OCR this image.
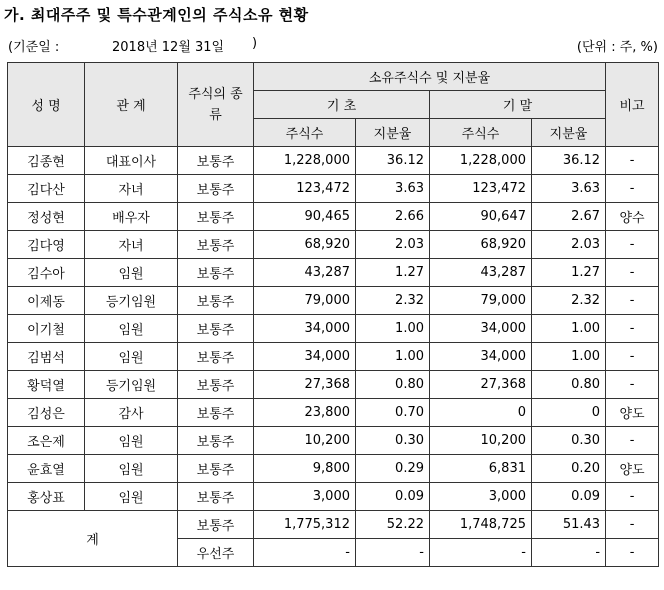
가. 최대주주 및 특수관계인의 주식소유 현황
(기준일 :	2018년 12월 31일 )	(단위 : 주, %)
성 명	관 계	주식의 종류	소유주식수 및 지분율				비고
			기 초		기 말		
			주식수	지분율	주식수	지분율	
김종현	대표이사	보통주	1,228,000	36.12	1,228,000	36.12	-
김다산	자녀	보통주	123,472	3.63	123,472	3.63	-
정성현	배우자	보통주	90,465	2.66	90,647	2.67	양수
김다영	자녀	보통주	68,920	2.03	68,920	2.03	-
김수아	임원	보통주	43,287	1.27	43,287	1.27	-
이제동	등기임원	보통주	79,000	2.32	79,000	2.32	-
이기철	임원	보통주	34,000	1.00	34,000	1.00	-
김범석	임원	보통주	34,000	1.00	34,000	1.00	-
황덕열	등기임원	보통주	27,368	0.80	27,368	0.80	-
김성은	감사	보통주	23,800	0.70	0	0	양도
조은제	임원	보통주	10,200	0.30	10,200	0.30	-
윤효열	임원	보통주	9,800	0.29	6,831	0.20	양도
홍상표	임원	보통주	3,000	0.09	3,000	0.09	-
계		보통주	1,775,312	52.22	1,748,725	51.43	-
		우선주	-	-	-	-	-
